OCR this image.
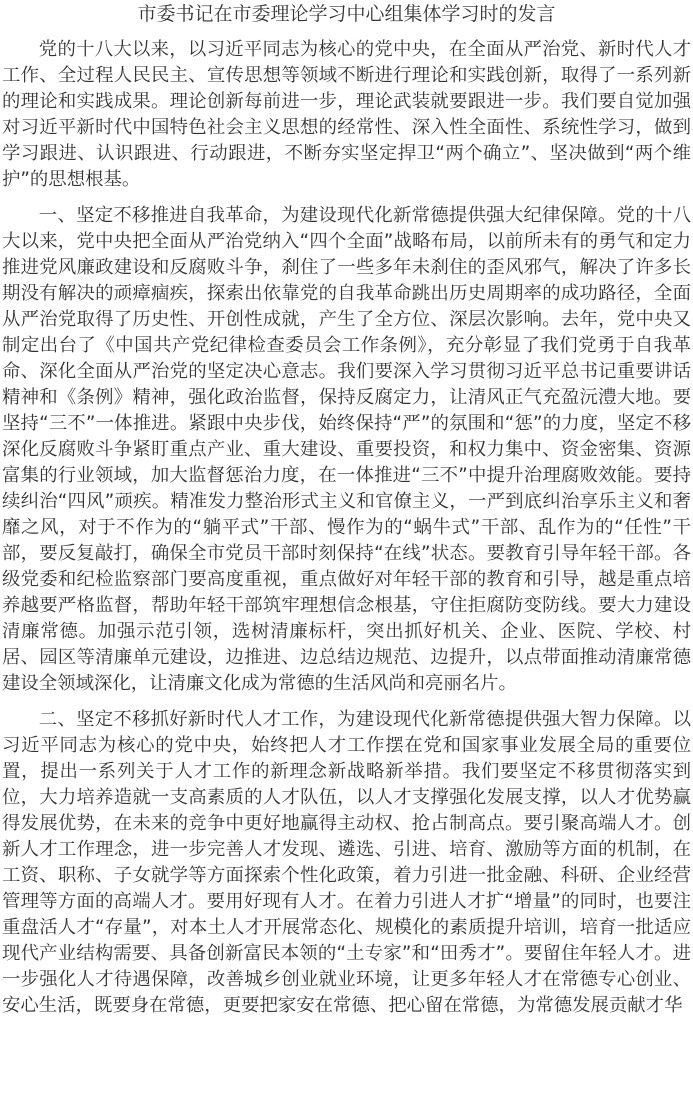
市委书记在市委理论学习中心组集体学习时的发言

党的十八大以来，以习近平同志为核心的党中央，在全面从严治党、新时代人才工作、全过程人民民主、宣传思想等领域不断进行理论和实践创新，取得了一系列新的理论和实践成果。理论创新每前进一步，理论武装就要跟进一步。我们要自觉加强对习近平新时代中国特色社会主义思想的经常性、深入性全面性、系统性学习，做到学习跟进、认识跟进、行动跟进，不断夯实坚定捍卫“两个确立”、坚决做到“两个维护”的思想根基。

一、坚定不移推进自我革命，为建设现代化新常德提供强大纪律保障。党的十八大以来，党中央把全面从严治党纳入“四个全面”战略布局，以前所未有的勇气和定力推进党风廉政建设和反腐败斗争，刹住了一些多年未刹住的歪风邪气，解决了许多长期没有解决的顽瘴痼疾，探索出依靠党的自我革命跳出历史周期率的成功路径，全面从严治党取得了历史性、开创性成就，产生了全方位、深层次影响。去年，党中央又制定出台了《中国共产党纪律检查委员会工作条例》，充分彰显了我们党勇于自我革命、深化全面从严治党的坚定决心意志。我们要深入学习贯彻习近平总书记重要讲话精神和《条例》精神，强化政治监督，保持反腐定力，让清风正气充盈沅澧大地。要坚持“三不”一体推进。紧跟中央步伐，始终保持“严”的氛围和“惩”的力度，坚定不移深化反腐败斗争紧盯重点产业、重大建设、重要投资，和权力集中、资金密集、资源富集的行业领域，加大监督惩治力度，在一体推进“三不”中提升治理腐败效能。要持续纠治“四风”顽疾。精准发力整治形式主义和官僚主义，一严到底纠治享乐主义和奢靡之风，对于不作为的“躺平式”干部、慢作为的“蜗牛式”干部、乱作为的“任性”干部，要反复敲打，确保全市党员干部时刻保持“在线”状态。要教育引导年轻干部。各级党委和纪检监察部门要高度重视，重点做好对年轻干部的教育和引导，越是重点培养越要严格监督，帮助年轻干部筑牢理想信念根基，守住拒腐防变防线。要大力建设清廉常德。加强示范引领，选树清廉标杆，突出抓好机关、企业、医院、学校、村居、园区等清廉单元建设，边推进、边总结边规范、边提升，以点带面推动清廉常德建设全领域深化，让清廉文化成为常德的生活风尚和亮丽名片。

二、坚定不移抓好新时代人才工作，为建设现代化新常德提供强大智力保障。以习近平同志为核心的党中央，始终把人才工作摆在党和国家事业发展全局的重要位置，提出一系列关于人才工作的新理念新战略新举措。我们要坚定不移贯彻落实到位，大力培养造就一支高素质的人才队伍，以人才支撑强化发展支撑，以人才优势赢得发展优势，在未来的竞争中更好地赢得主动权、抢占制高点。要引聚高端人才。创新人才工作理念，进一步完善人才发现、遴选、引进、培育、激励等方面的机制，在工资、职称、子女就学等方面探索个性化政策，着力引进一批金融、科研、企业经营管理等方面的高端人才。要用好现有人才。在着力引进人才扩“增量”的同时，也要注重盘活人才“存量”，对本土人才开展常态化、规模化的素质提升培训，培育一批适应现代产业结构需要、具备创新富民本领的“土专家”和“田秀才”。要留住年轻人才。进一步强化人才待遇保障，改善城乡创业就业环境，让更多年轻人才在常德专心创业、安心生活，既要身在常德，更要把家安在常德、把心留在常德，为常德发展贡献才华
